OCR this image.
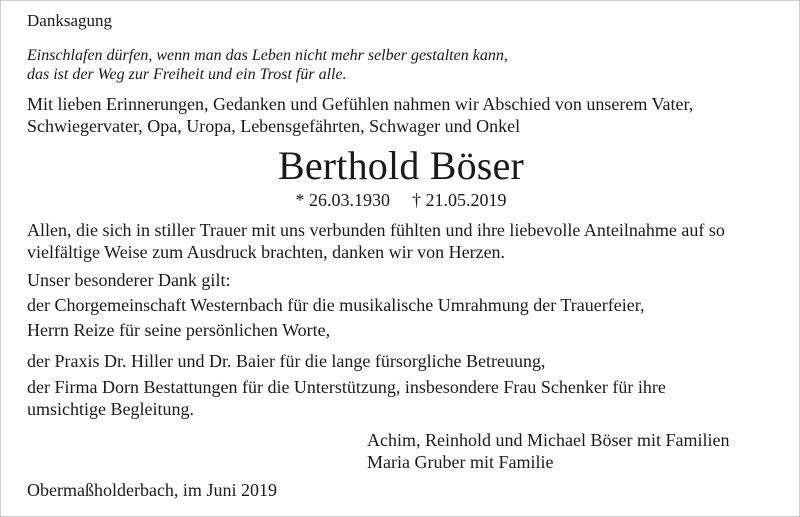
Danksagung
Einschlafen dürfen, wenn man das Leben nicht mehr selber gestalten kann,
das ist der Weg zur Freiheit und ein Trost für alle.
Mit lieben Erinnerungen, Gedanken und Gefühlen nahmen wir Abschied von unserem Vater,
Schwiegervater, Opa, Uropa, Lebensgefährten, Schwager und Onkel
Berthold Böser
* 26.03.1930 † 21.05.2019
Allen, die sich in stiller Trauer mit uns verbunden fühlten und ihre liebevolle Anteilnahme auf so
vielfältige Weise zum Ausdruck brachten, danken wir von Herzen.
Unser besonderer Dank gilt:
der Chorgemeinschaft Westernbach für die musikalische Umrahmung der Trauerfeier,
Herrn Reize für seine persönlichen Worte,
der Praxis Dr. Hiller und Dr. Baier für die lange fürsorgliche Betreuung,
der Firma Dorn Bestattungen für die Unterstützung, insbesondere Frau Schenker für ihre
umsichtige Begleitung.
Achim, Reinhold und Michael Böser mit Familien
Maria Gruber mit Familie
Obermaßholderbach, im Juni 2019
